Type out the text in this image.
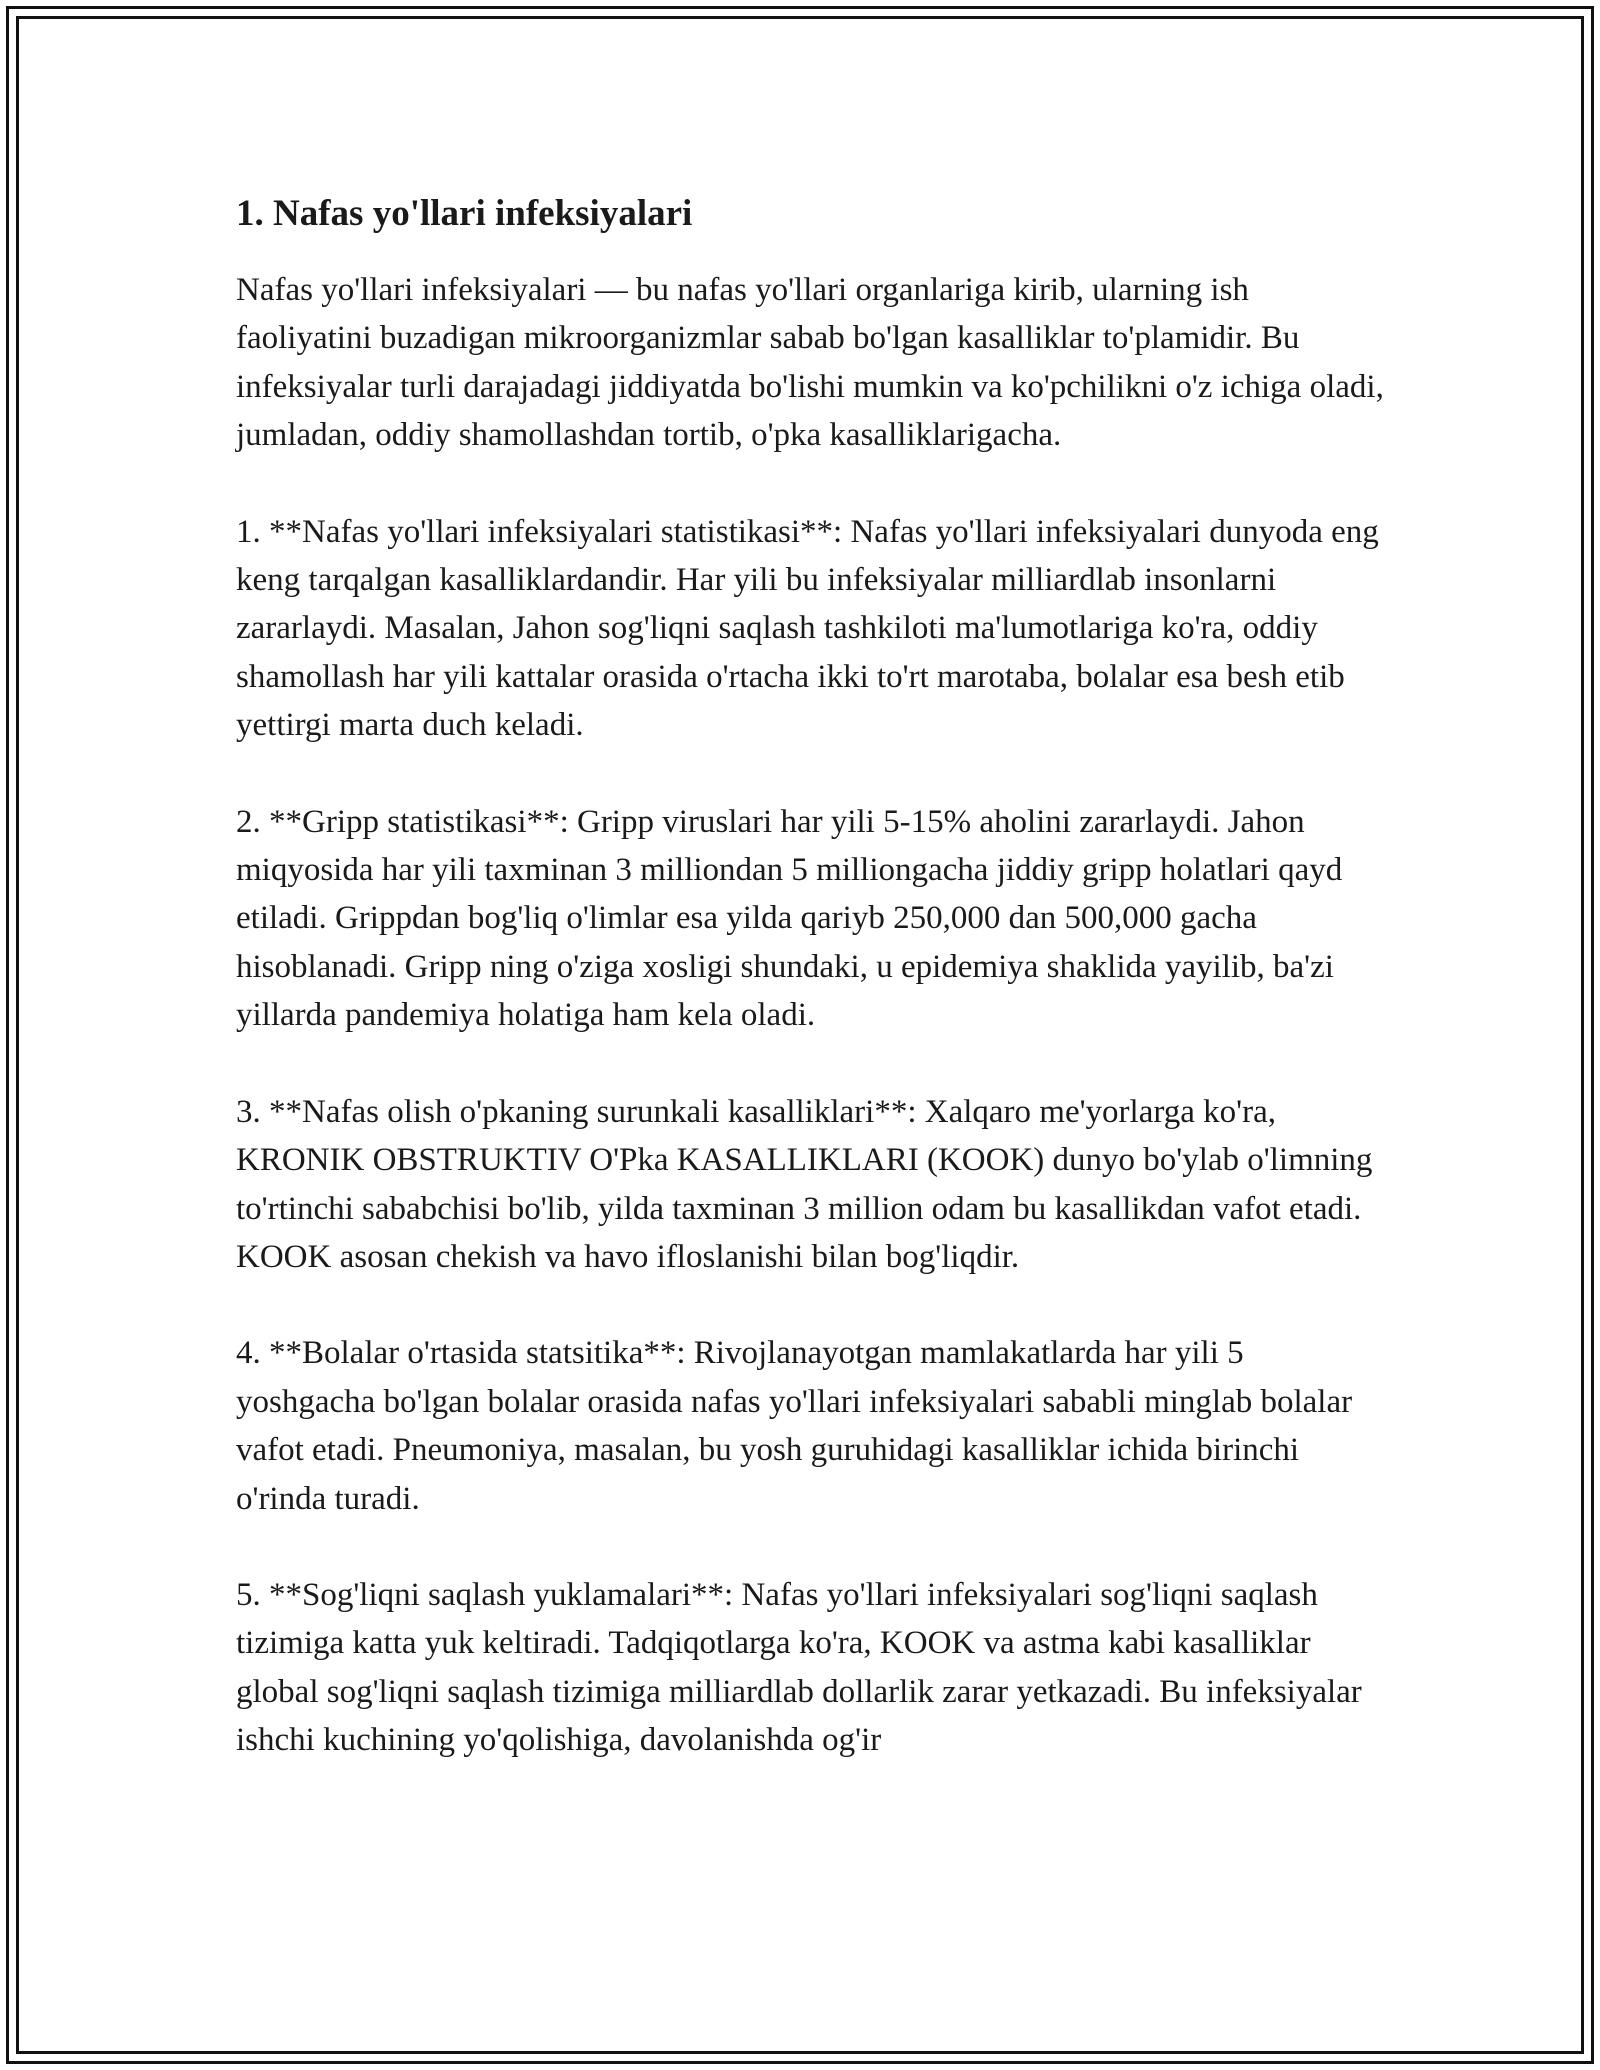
1. Nafas yo'llari infeksiyalari

Nafas yo'llari infeksiyalari — bu nafas yo'llari organlariga kirib, ularning ish faoliyatini buzadigan mikroorganizmlar sabab bo'lgan kasalliklar to'plamidir. Bu infeksiyalar turli darajadagi jiddiyatda bo'lishi mumkin va ko'pchilikni o'z ichiga oladi, jumladan, oddiy shamollashdan tortib, o'pka kasalliklarigacha.

1. **Nafas yo'llari infeksiyalari statistikasi**: Nafas yo'llari infeksiyalari dunyoda eng keng tarqalgan kasalliklardandir. Har yili bu infeksiyalar milliardlab insonlarni zararlaydi. Masalan, Jahon sog'liqni saqlash tashkiloti ma'lumotlariga ko'ra, oddiy shamollash har yili kattalar orasida o'rtacha ikki to'rt marotaba, bolalar esa besh etib yettirgi marta duch keladi.

2. **Gripp statistikasi**: Gripp viruslari har yili 5-15% aholini zararlaydi. Jahon miqyosida har yili taxminan 3 milliondan 5 milliongacha jiddiy gripp holatlari qayd etiladi. Grippdan bog'liq o'limlar esa yilda qariyb 250,000 dan 500,000 gacha hisoblanadi. Gripp ning o'ziga xosligi shundaki, u epidemiya shaklida yayilib, ba'zi yillarda pandemiya holatiga ham kela oladi.

3. **Nafas olish o'pkaning surunkali kasalliklari**: Xalqaro me'yorlarga ko'ra, KRONIK OBSTRUKTIV O'Pka KASALLIKLARI (KOOK) dunyo bo'ylab o'limning to'rtinchi sababchisi bo'lib, yilda taxminan 3 million odam bu kasallikdan vafot etadi. KOOK asosan chekish va havo ifloslanishi bilan bog'liqdir.

4. **Bolalar o'rtasida statsitika**: Rivojlanayotgan mamlakatlarda har yili 5 yoshgacha bo'lgan bolalar orasida nafas yo'llari infeksiyalari sababli minglab bolalar vafot etadi. Pneumoniya, masalan, bu yosh guruhidagi kasalliklar ichida birinchi o'rinda turadi.

5. **Sog'liqni saqlash yuklamalari**: Nafas yo'llari infeksiyalari sog'liqni saqlash tizimiga katta yuk keltiradi. Tadqiqotlarga ko'ra, KOOK va astma kabi kasalliklar global sog'liqni saqlash tizimiga milliardlab dollarlik zarar yetkazadi. Bu infeksiyalar ishchi kuchining yo'qolishiga, davolanishda og'ir
